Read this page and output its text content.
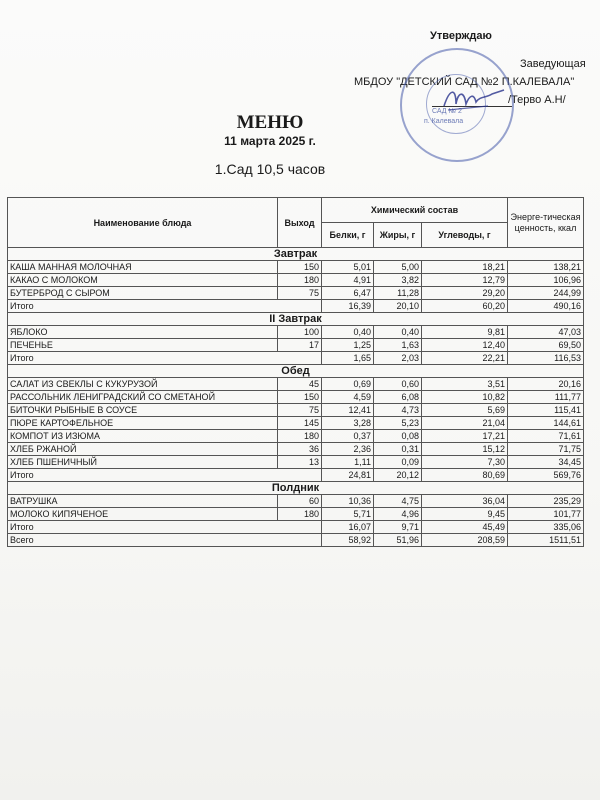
Утверждаю
Заведующая
МБДОУ "ДЕТСКИЙ САД №2 П.КАЛЕВАЛА"
/Терво А.Н/
САД № 2
п. Калевала
МЕНЮ
11 марта 2025 г.
1.Сад 10,5 часов
Наименование блюда	Выход	Химический состав			Энерге-тическая ценность, ккал
		Белки, г	Жиры, г	Углеводы, г	
Завтрак					
КАША МАННАЯ МОЛОЧНАЯ	150	5,01	5,00	18,21	138,21
КАКАО С МОЛОКОМ	180	4,91	3,82	12,79	106,96
БУТЕРБРОД С СЫРОМ	75	6,47	11,28	29,20	244,99
Итого		16,39	20,10	60,20	490,16
II Завтрак					
ЯБЛОКО	100	0,40	0,40	9,81	47,03
ПЕЧЕНЬЕ	17	1,25	1,63	12,40	69,50
Итого		1,65	2,03	22,21	116,53
Обед					
САЛАТ ИЗ СВЕКЛЫ С КУКУРУЗОЙ	45	0,69	0,60	3,51	20,16
РАССОЛЬНИК ЛЕНИГРАДСКИЙ СО СМЕТАНОЙ	150	4,59	6,08	10,82	111,77
БИТОЧКИ РЫБНЫЕ В СОУСЕ	75	12,41	4,73	5,69	115,41
ПЮРЕ КАРТОФЕЛЬНОЕ	145	3,28	5,23	21,04	144,61
КОМПОТ ИЗ ИЗЮМА	180	0,37	0,08	17,21	71,61
ХЛЕБ РЖАНОЙ	36	2,36	0,31	15,12	71,75
ХЛЕБ ПШЕНИЧНЫЙ	13	1,11	0,09	7,30	34,45
Итого		24,81	20,12	80,69	569,76
Полдник					
ВАТРУШКА	60	10,36	4,75	36,04	235,29
МОЛОКО КИПЯЧЕНОЕ	180	5,71	4,96	9,45	101,77
Итого		16,07	9,71	45,49	335,06
Всего		58,92	51,96	208,59	1511,51
